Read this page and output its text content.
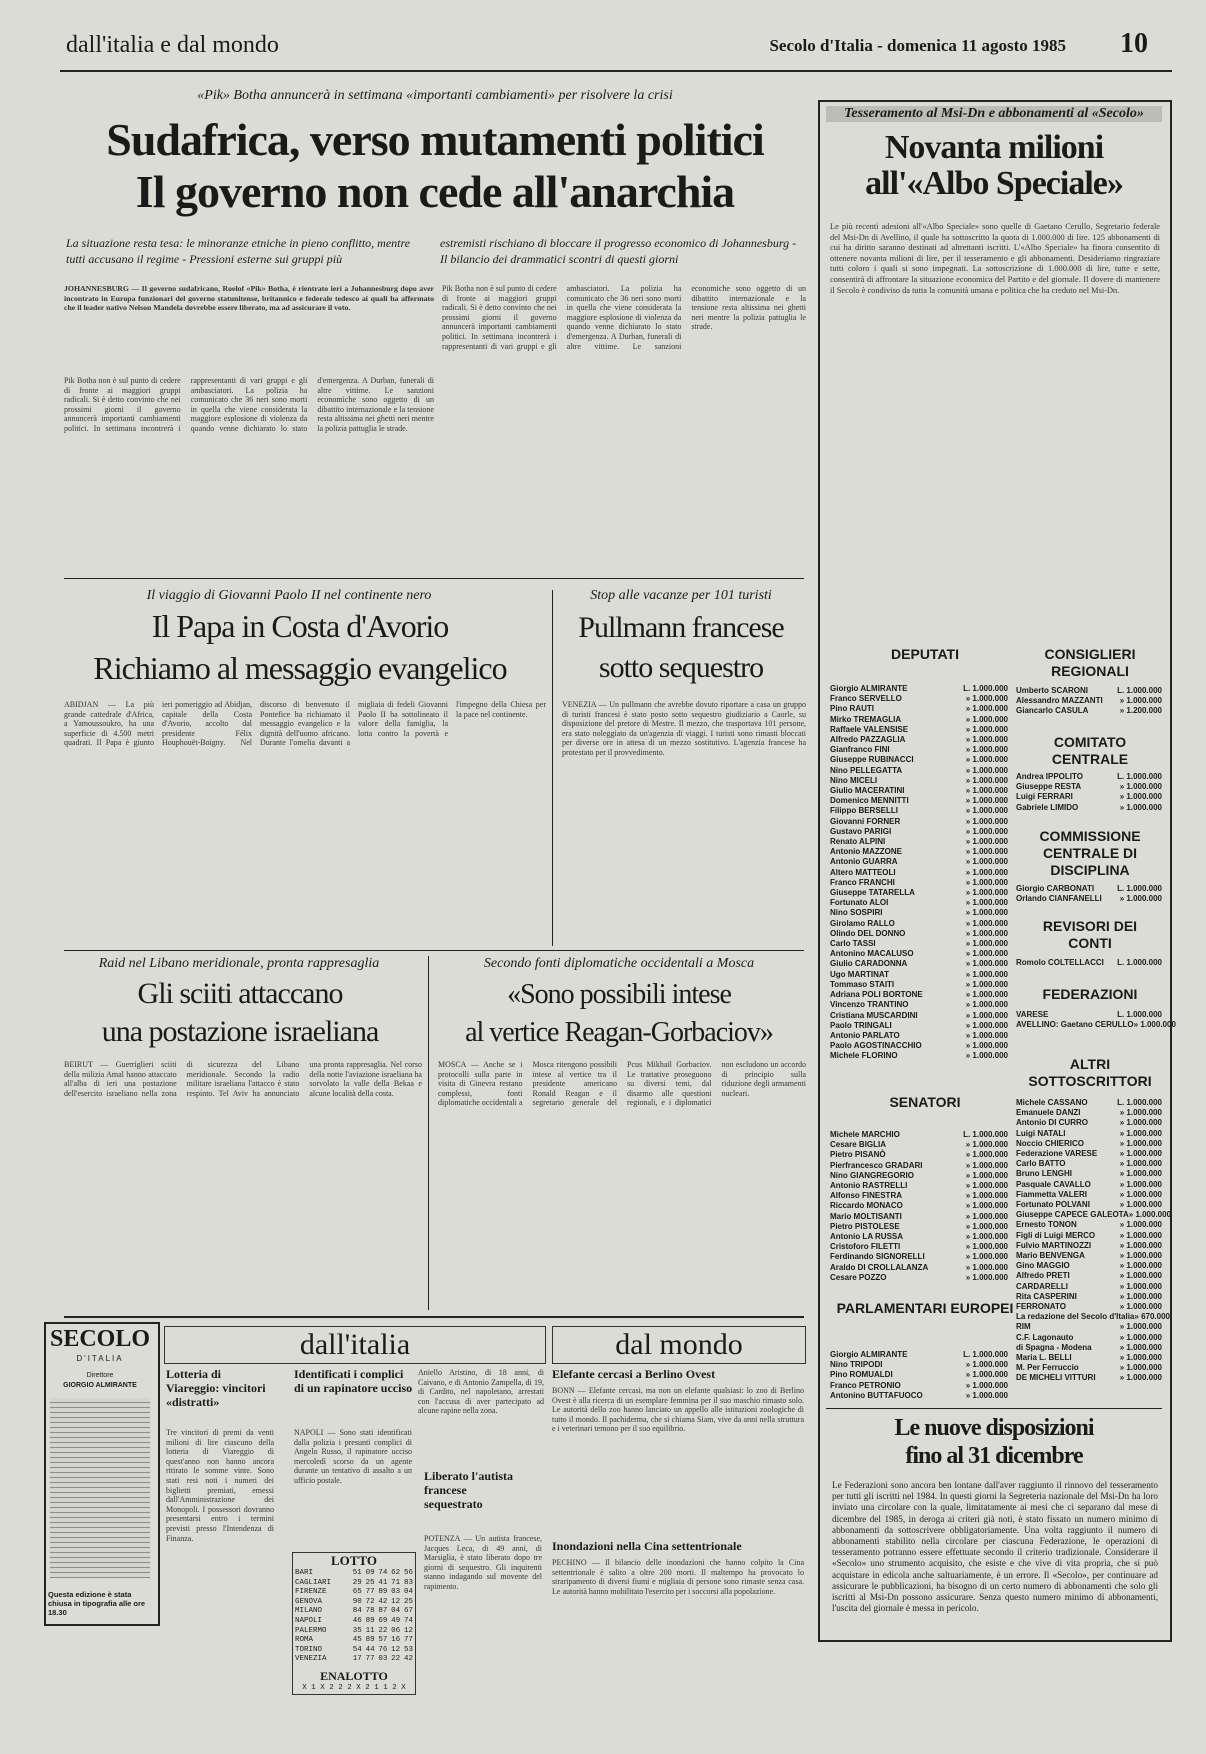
dall'italia e dal mondo	Secolo d'Italia - domenica 11 agosto 1985 10
«Pik» Botha annuncerà in settimana «importanti cambiamenti» per risolvere la crisi
Sudafrica, verso mutamenti politici
Il governo non cede all'anarchia
La situazione resta tesa: le minoranze etniche in pieno conflitto, mentre tutti accusano il regime - Pressioni esterne sui gruppi più
estremisti rischiano di bloccare il progresso economico di Johannesburg - Il bilancio dei drammatici scontri di questi giorni
JOHANNESBURG — Il governo sudafricano, Roelof «Pik» Botha, è rientrato ieri a Johannesburg dopo aver incontrato in Europa funzionari del governo statunitense, britannico e federale tedesco ai quali ha affermato che il leader nativo Nelson Mandela dovrebbe essere liberato, ma ad assicurare il voto.
Pik Botha non è sul punto di cedere di fronte ai maggiori gruppi radicali. Si è detto convinto che nei prossimi giorni il governo annuncerà importanti cambiamenti politici. In settimana incontrerà i rappresentanti di vari gruppi e gli ambasciatori. La polizia ha comunicato che 36 neri sono morti in quella che viene considerata la maggiore esplosione di violenza da quando venne dichiarato lo stato d'emergenza. A Durban, funerali di altre vittime. Le sanzioni economiche sono oggetto di un dibattito internazionale e la tensione resta altissima nei ghetti neri mentre la polizia pattuglia le strade.
Pik Botha non è sul punto di cedere di fronte ai maggiori gruppi radicali. Si è detto convinto che nei prossimi giorni il governo annuncerà importanti cambiamenti politici. In settimana incontrerà i rappresentanti di vari gruppi e gli ambasciatori. La polizia ha comunicato che 36 neri sono morti in quella che viene considerata la maggiore esplosione di violenza da quando venne dichiarato lo stato d'emergenza. A Durban, funerali di altre vittime. Le sanzioni economiche sono oggetto di un dibattito internazionale e la tensione resta altissima nei ghetti neri mentre la polizia pattuglia le strade.
Tesseramento al Msi-Dn e abbonamenti al «Secolo»
Novanta milioni all'«Albo Speciale»
Le più recenti adesioni all'«Albo Speciale» sono quelle di Gaetano Cerullo, Segretario federale del Msi-Dn di Avellino, il quale ha sottoscritto la quota di 1.000.000 di lire. 125 abbonamenti di cui ha diritto saranno destinati ad altrettanti iscritti. L'«Albo Speciale» ha finora consentito di ottenere novanta milioni di lire, per il tesseramento e gli abbonamenti. Desideriamo ringraziare tutti coloro i quali si sono impegnati. La sottoscrizione di 1.000.000 di lire, tutte e sette, consentirà di affrontare la situazione economica del Partito e del giornale. Il dovere di mantenere il Secolo è condiviso da tutta la comunità umana e politica che ha creduto nel Msi-Dn.
DEPUTATI
Giorgio ALMIRANTE	L. 1.000.000
Franco SERVELLO	» 1.000.000
Pino RAUTI	» 1.000.000
Mirko TREMAGLIA	» 1.000.000
Raffaele VALENSISE	» 1.000.000
Alfredo PAZZAGLIA	» 1.000.000
Gianfranco FINI	» 1.000.000
Giuseppe RUBINACCI	» 1.000.000
Nino PELLEGATTA	» 1.000.000
Nino MICELI	» 1.000.000
Giulio MACERATINI	» 1.000.000
Domenico MENNITTI	» 1.000.000
Filippo BERSELLI	» 1.000.000
Giovanni FORNER	» 1.000.000
Gustavo PARIGI	» 1.000.000
Renato ALPINI	» 1.000.000
Antonio MAZZONE	» 1.000.000
Antonio GUARRA	» 1.000.000
Altero MATTEOLI	» 1.000.000
Franco FRANCHI	» 1.000.000
Giuseppe TATARELLA	» 1.000.000
Fortunato ALOI	» 1.000.000
Nino SOSPIRI	» 1.000.000
Girolamo RALLO	» 1.000.000
Olindo DEL DONNO	» 1.000.000
Carlo TASSI	» 1.000.000
Antonino MACALUSO	» 1.000.000
Giulio CARADONNA	» 1.000.000
Ugo MARTINAT	» 1.000.000
Tommaso STAITI	» 1.000.000
Adriana POLI BORTONE	» 1.000.000
Vincenzo TRANTINO	» 1.000.000
Cristiana MUSCARDINI	» 1.000.000
Paolo TRINGALI	» 1.000.000
Antonio PARLATO	» 1.000.000
Paolo AGOSTINACCHIO	» 1.000.000
Michele FLORINO	» 1.000.000
SENATORI
Michele MARCHIO	L. 1.000.000
Cesare BIGLIA	» 1.000.000
Pietro PISANÒ	» 1.000.000
Pierfrancesco GRADARI	» 1.000.000
Nino GIANGREGORIO	» 1.000.000
Antonio RASTRELLI	» 1.000.000
Alfonso FINESTRA	» 1.000.000
Riccardo MONACO	» 1.000.000
Mario MOLTISANTI	» 1.000.000
Pietro PISTOLESE	» 1.000.000
Antonio LA RUSSA	» 1.000.000
Cristoforo FILETTI	» 1.000.000
Ferdinando SIGNORELLI	» 1.000.000
Araldo DI CROLLALANZA	» 1.000.000
Cesare POZZO	» 1.000.000
PARLAMENTARI EUROPEI
Giorgio ALMIRANTE	L. 1.000.000
Nino TRIPODI	» 1.000.000
Pino ROMUALDI	» 1.000.000
Franco PETRONIO	» 1.000.000
Antonino BUTTAFUOCO	» 1.000.000
CONSIGLIERI REGIONALI
Umberto SCARONI	L. 1.000.000
Alessandro MAZZANTI » 1.000.000
Giancarlo CASULA	» 1.200.000
COMITATO CENTRALE
Andrea IPPOLITO	L. 1.000.000
Giuseppe RESTA	» 1.000.000
Luigi FERRARI	» 1.000.000
Gabriele LIMIDO	» 1.000.000
COMMISSIONE CENTRALE DI DISCIPLINA
Giorgio CARBONATI	L. 1.000.000
Orlando CIANFANELLI » 1.000.000
REVISORI DEI CONTI
Romolo COLTELLACCI L. 1.000.000
FEDERAZIONI
VARESE	L. 1.000.000
AVELLINO: Gaetano CERULLO » 1.000.000
ALTRI SOTTOSCRITTORI
Michele CASSANO	L. 1.000.000
Emanuele DANZI	» 1.000.000
Antonio DI CURRO	» 1.000.000
Luigi NATALI	» 1.000.000
Noccio CHIERICO	» 1.000.000
Federazione VARESE	» 1.000.000
Carlo BATTO	» 1.000.000
Bruno LENGHI	» 1.000.000
Pasquale CAVALLO	» 1.000.000
Fiammetta VALERI	» 1.000.000
Fortunato POLVANI	» 1.000.000
Giuseppe CAPECE GALEOTA » 1.000.000
Ernesto TONON	» 1.000.000
Figli di Luigi MERCO	» 1.000.000
Fulvio MARTINOZZI	» 1.000.000
Mario BENVENGA	» 1.000.000
Gino MAGGIO	» 1.000.000
Alfredo PRETI	» 1.000.000
CARDARELLI	» 1.000.000
Rita CASPERINI	» 1.000.000
FERRONATO	» 1.000.000
La redazione del Secolo d'Italia » 670.000
RIM	» 1.000.000
C.F. Lagonauto	» 1.000.000
di Spagna - Modena	» 1.000.000
Maria L. BELLI	» 1.000.000
M. Per Ferruccio	» 1.000.000
DE MICHELI VITTURI	» 1.000.000
Le nuove disposizioni
fino al 31 dicembre
Le Federazioni sono ancora ben lontane dall'aver raggiunto il rinnovo del tesseramento per tutti gli iscritti nel 1984. In questi giorni la Segreteria nazionale del Msi-Dn ha loro inviato una circolare con la quale, limitatamente ai mesi che ci separano dal mese di dicembre del 1985, in deroga ai criteri già noti, è stato fissato un numero minimo di abbonamenti da sottoscrivere obbligatoriamente. Una volta raggiunto il numero di abbonamenti stabilito nella circolare per ciascuna Federazione, le operazioni di tesseramento potranno essere effettuate secondo il criterio tradizionale. Considerare il «Secolo» uno strumento acquisito, che esiste e che vive di vita propria, che si può acquistare in edicola anche saltuariamente, è un errore. Il «Secolo», per continuare ad assicurare le pubblicazioni, ha bisogno di un certo numero di abbonamenti che solo gli iscritti al Msi-Dn possono assicurare. Senza questo numero minimo di abbonamenti, l'uscita del giornale è messa in pericolo.
Il viaggio di Giovanni Paolo II nel continente nero
Il Papa in Costa d'Avorio
Richiamo al messaggio evangelico
ABIDJAN — La più grande cattedrale d'Africa, a Yamoussoukro, ha una superficie di 4.500 metri quadrati. Il Papa è giunto ieri pomeriggio ad Abidjan, capitale della Costa d'Avorio, accolto dal presidente Félix Houphouët-Boigny. Nel discorso di benvenuto il Pontefice ha richiamato il messaggio evangelico e la dignità dell'uomo africano. Durante l'omelia davanti a migliaia di fedeli Giovanni Paolo II ha sottolineato il valore della famiglia, la lotta contro la povertà e l'impegno della Chiesa per la pace nel continente.
Stop alle vacanze per 101 turisti
Pullmann francese
sotto sequestro
VENEZIA — Un pullmann che avrebbe dovuto riportare a casa un gruppo di turisti francesi è stato posto sotto sequestro giudiziario a Caorle, su disposizione del pretore di Mestre. Il mezzo, che trasportava 101 persone, era stato noleggiato da un'agenzia di viaggi. I turisti sono rimasti bloccati per diverse ore in attesa di un mezzo sostitutivo. L'agenzia francese ha protestato per il provvedimento.
Raid nel Libano meridionale, pronta rappresaglia
Gli sciiti attaccano
una postazione israeliana
BEIRUT — Guerriglieri sciiti della milizia Amal hanno attaccato all'alba di ieri una postazione dell'esercito israeliano nella zona di sicurezza del Libano meridionale. Secondo la radio militare israeliana l'attacco è stato respinto. Tel Aviv ha annunciato una pronta rappresaglia. Nel corso della notte l'aviazione israeliana ha sorvolato la valle della Bekaa e alcune località della costa.
Secondo fonti diplomatiche occidentali a Mosca
«Sono possibili intese
al vertice Reagan-Gorbaciov»
MOSCA — Anche se i protocolli sulla parte in visita di Ginevra restano complessi, fonti diplomatiche occidentali a Mosca ritengono possibili intese al vertice tra il presidente americano Ronald Reagan e il segretario generale del Pcus Mikhail Gorbaciov. Le trattative proseguono su diversi temi, dal disarmo alle questioni regionali, e i diplomatici non escludono un accordo di principio sulla riduzione degli armamenti nucleari.
SECOLO
D'ITALIA
Direttore
GIORGIO ALMIRANTE
Questa edizione è stata chiusa in tipografia alle ore 18.30
dall'italia
Lotteria di Viareggio: vincitori «distratti»
Tre vincitori di premi da venti milioni di lire ciascuno della lotteria di Viareggio di quest'anno non hanno ancora ritirato le somme vinte. Sono stati resi noti i numeri dei biglietti premiati, emessi dall'Amministrazione dei Monopoli. I possessori dovranno presentarsi entro i termini previsti presso l'Intendenza di Finanza.
Identificati i complici di un rapinatore ucciso
NAPOLI — Sono stati identificati dalla polizia i presunti complici di Angelo Russo, il rapinatore ucciso mercoledì scorso da un agente durante un tentativo di assalto a un ufficio postale.
Aniello Aristino, di 18 anni, di Caivano, e di Antonio Zampella, di 19, di Cardito, nel napoletano, arrestati con l'accusa di aver partecipato ad alcune rapine nella zona.
Liberato l'autista francese sequestrato
POTENZA — Un autista francese, Jacques Leca, di 49 anni, di Marsiglia, è stato liberato dopo tre giorni di sequestro. Gli inquirenti stanno indagando sul movente del rapimento.
LOTTO
BARI	51 09 74 62 56
CAGLIARI	29 25 41 71 83
FIRENZE	65 77 89 03 04
GENOVA	90 72 42 12 25
MILANO	84 78 87 04 67
NAPOLI	46 89 69 49 74
PALERMO	35 11 22 06 12
ROMA	45 89 57 16 77
TORINO	54 44 76 12 53
VENEZIA	17 77 03 22 42
ENALOTTO
X 1 X 2 2 2 X 2 1 1 2 X
dal mondo
Elefante cercasi a Berlino Ovest
BONN — Elefante cercasi, ma non un elefante qualsiasi: lo zoo di Berlino Ovest è alla ricerca di un esemplare femmina per il suo maschio rimasto solo. Le autorità dello zoo hanno lanciato un appello alle istituzioni zoologiche di tutto il mondo. Il pachiderma, che si chiama Siam, vive da anni nella struttura e i veterinari temono per il suo equilibrio.
Inondazioni nella Cina settentrionale
PECHINO — Il bilancio delle inondazioni che hanno colpito la Cina settentrionale è salito a oltre 200 morti. Il maltempo ha provocato lo straripamento di diversi fiumi e migliaia di persone sono rimaste senza casa. Le autorità hanno mobilitato l'esercito per i soccorsi alla popolazione.
